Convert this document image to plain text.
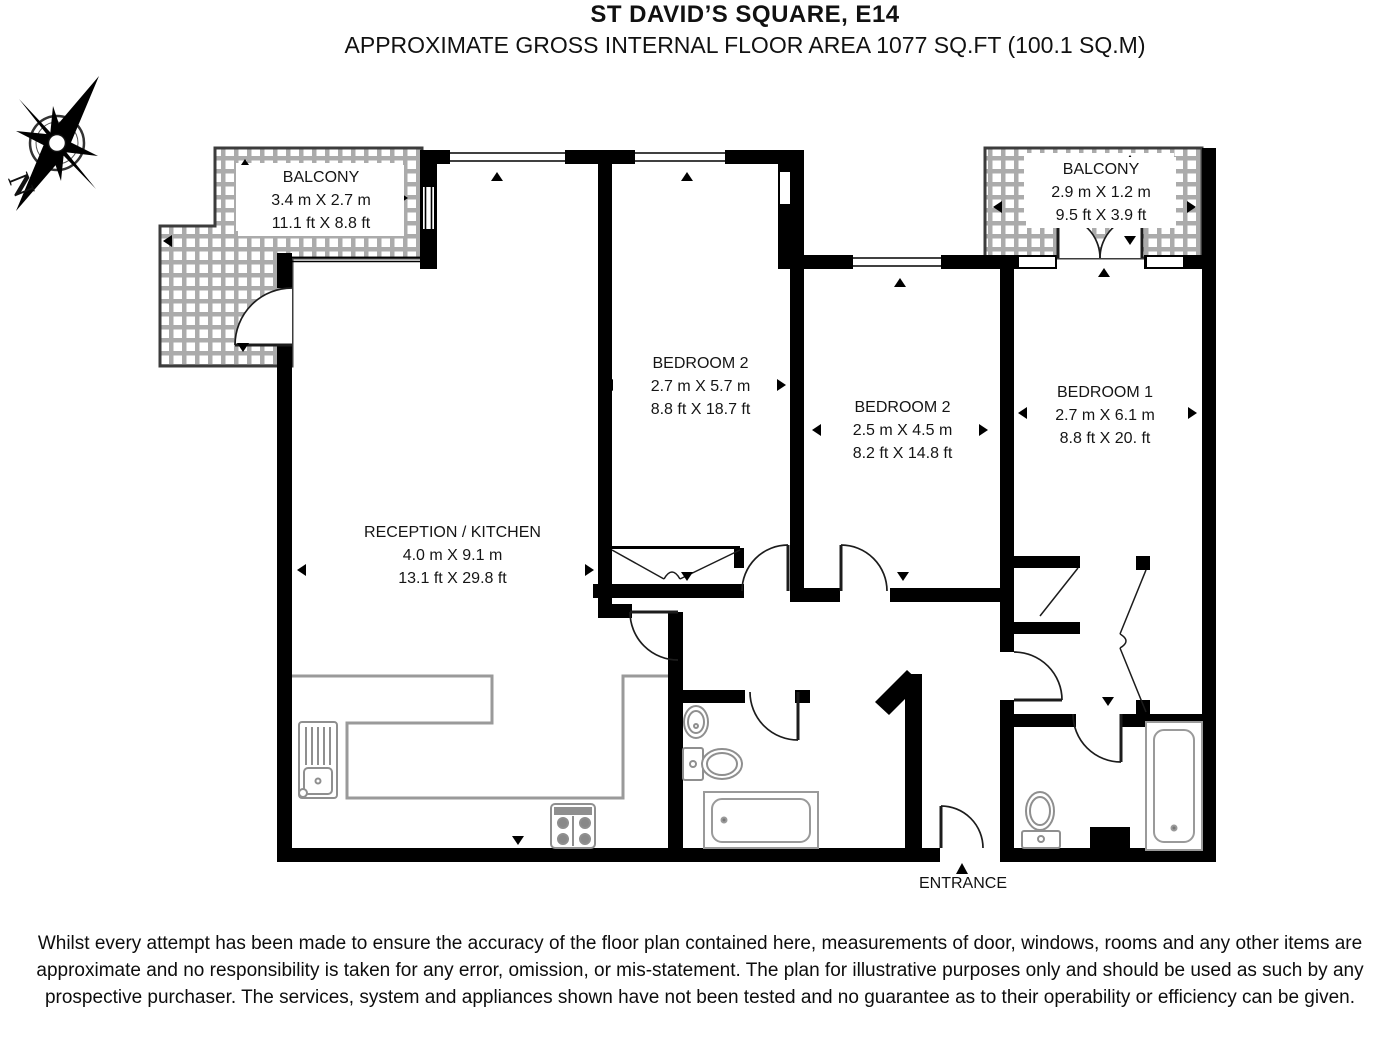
ST DAVID’S SQUARE, E14
APPROXIMATE GROSS INTERNAL FLOOR AREA 1077 SQ.FT (100.1 SQ.M)
N	BALCONY
3.4 m X 2.7 m
11.1 ft X 8.8 ft
BALCONY
2.9 m X 1.2 m
9.5 ft X 3.9 ft
BEDROOM 2
2.7 m X 5.7 m
8.8 ft X 18.7 ft	BEDROOM 2
2.5 m X 4.5 m
8.2 ft X 14.8 ft
BEDROOM 1
2.7 m X 6.1 m
8.8 ft X 20. ft
RECEPTION / KITCHEN
4.0 m X 9.1 m
13.1 ft X 29.8 ft
ENTRANCE
Whilst every attempt has been made to ensure the accuracy of the floor plan contained here, measurements of door, windows, rooms and any other items are approximate and no responsibility is taken for any error, omission, or mis-statement. The plan for illustrative purposes only and should be used as such by any prospective purchaser. The services, system and appliances shown have not been tested and no guarantee as to their operability or efficiency can be given.
